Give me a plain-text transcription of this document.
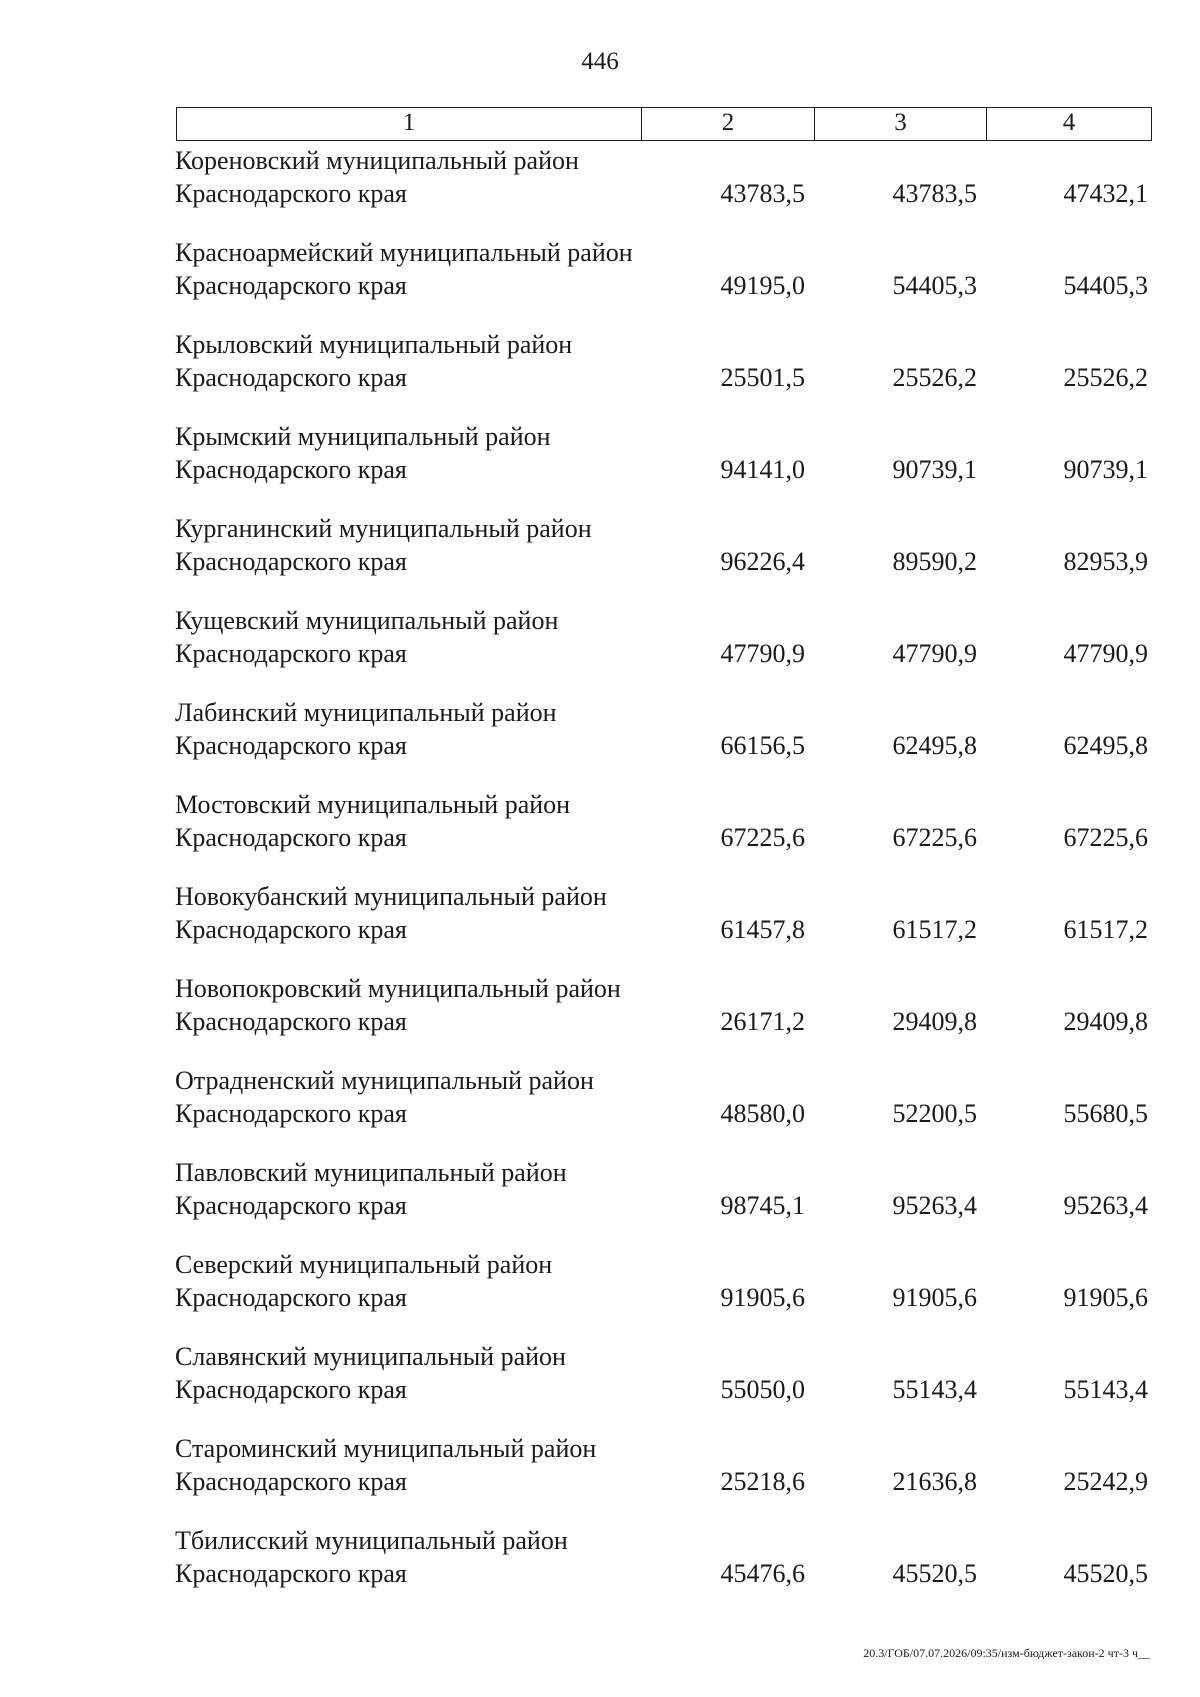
446
1	2	3	4
Кореновский муниципальный район Краснодарского края	43783,5	43783,5	47432,1
Красноармейский муниципальный район Краснодарского края	49195,0	54405,3	54405,3
Крыловский муниципальный район Краснодарского края	25501,5	25526,2	25526,2
Крымский муниципальный район Краснодарского края	94141,0	90739,1	90739,1
Курганинский муниципальный район Краснодарского края	96226,4	89590,2	82953,9
Кущевский муниципальный район Краснодарского края	47790,9	47790,9	47790,9
Лабинский муниципальный район Краснодарского края	66156,5	62495,8	62495,8
Мостовский муниципальный район Краснодарского края	67225,6	67225,6	67225,6
Новокубанский муниципальный район Краснодарского края	61457,8	61517,2	61517,2
Новопокровский муниципальный район Краснодарского края	26171,2	29409,8	29409,8
Отрадненский муниципальный район Краснодарского края	48580,0	52200,5	55680,5
Павловский муниципальный район Краснодарского края	98745,1	95263,4	95263,4
Северский муниципальный район Краснодарского края	91905,6	91905,6	91905,6
Славянский муниципальный район Краснодарского края	55050,0	55143,4	55143,4
Староминский муниципальный район Краснодарского края	25218,6	21636,8	25242,9
Тбилисский муниципальный район Краснодарского края	45476,6	45520,5	45520,5
20.3/ГОБ/07.07.2026/09:35/изм-бюджет-закон-2 чт-3 ч__
